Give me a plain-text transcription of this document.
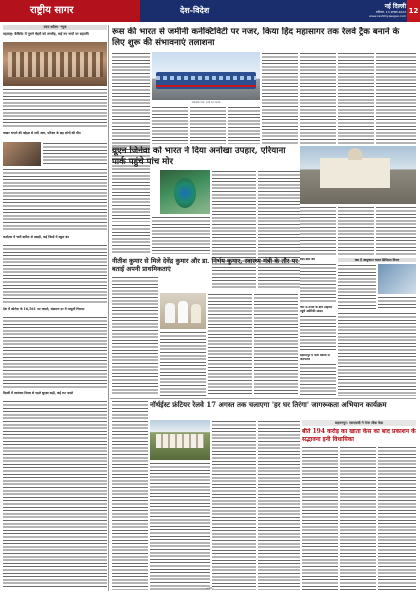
राष्ट्रीय सागर	देश-विदेश	नई दिल्ली
शनिवार, 13 अगस्त 2022
www.rashtriyasagar.com
12
उदय कॉलम -न्यूज
महाराष्ट्र: कैबिनेट में पुराने चेहरों को तरजीह, कई नए नामों पर सहमति
मच्छर भगाने की कॉइल से लगी आग, परिवार के छह लोगों की मौत
कर्नाटक में भारी बारिश से तबाही, कई जिलों में स्कूल बंद
देश में कोरोना के 16,561 नए मामले, संक्रमण दर में मामूली गिरावट
दिल्ली में स्वतंत्रता दिवस से पहले सुरक्षा कड़ी, कई रूट बदले
रूस की भारत से जमीनी कनेक्टिविटी पर नजर, किया हिंद महासागर तक रेलवे ट्रैक बनाने के लिए शुरू की संभावनाएं तलाशना
सांकेतिक चित्र: रूसी रेल नेटवर्क
यूएन जिनेवा को भारत ने दिया अनोखा उपहार, एरियाना पार्क पहुंचे पांच मोर
नीतीश कुमार से मिले देवेंद्र कुमार और डा. निर्भय कुमार, स्वास्थ्य मंत्री के तौर पर बताई अपनी प्राथमिकताएं
बाल-बाल बचे
चीन से तनाव के बीच ताइवान पहुंचे अमेरिकी सांसद
सहारनपुर में भारी बारिश से जलभराव
क्या है आयुष्मान भारत डिजिटल मिशन
नॉर्थईस्ट फ्रंटियर रेलवे 17 अगस्त तक चलाएगा 'हर घर तिरंगा' जागरूकता अभियान कार्यक्रम
सहारनपुर: एसएससी ने पेपर लीक केस
बीते 194 करोड़ का खाता केस का बाद प्रकाशन के सद्भावना इनी विधायिका
--12--
